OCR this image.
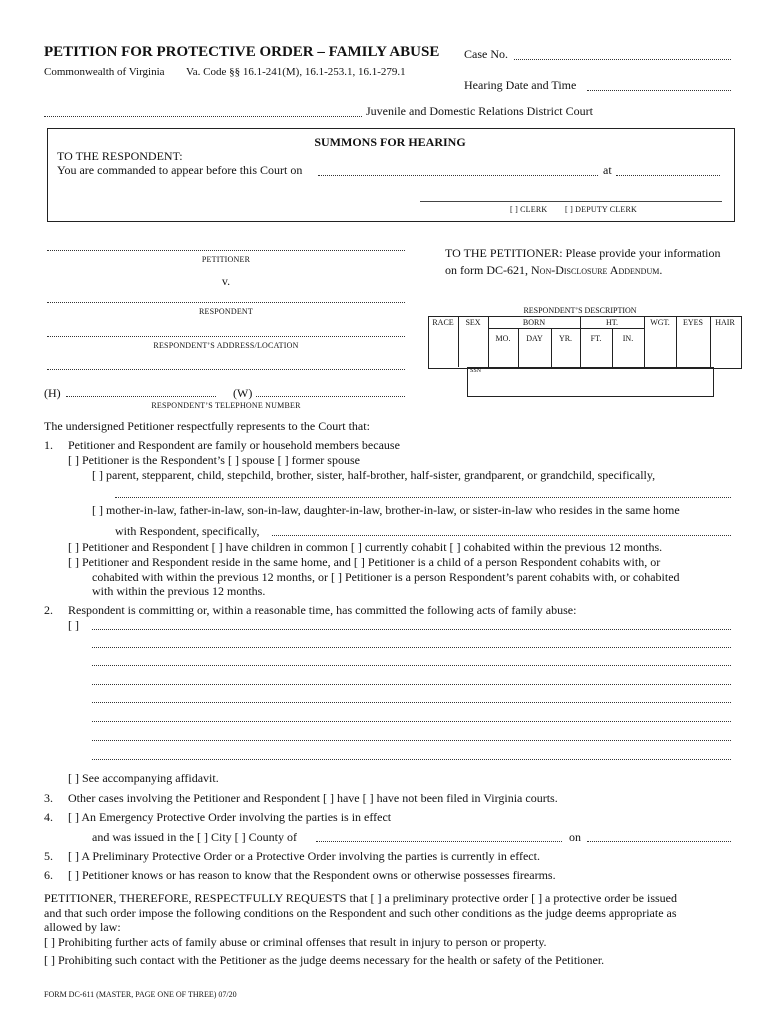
PETITION FOR PROTECTIVE ORDER – FAMILY ABUSE
Commonwealth of Virginia Va. Code §§ 16.1-241(M), 16.1-253.1, 16.1-279.1
Case No.
Hearing Date and Time
Juvenile and Domestic Relations District Court
SUMMONS FOR HEARING
TO THE RESPONDENT:
You are commanded to appear before this Court on	at
[ ] CLERK [ ] DEPUTY CLERK
PETITIONER
v.
RESPONDENT
RESPONDENT’S ADDRESS/LOCATION
(H)	(W)
RESPONDENT’S TELEPHONE NUMBER
TO THE PETITIONER: Please provide your information
on form DC-621, Non-Disclosure Addendum.
RESPONDENT’S DESCRIPTION
RACE	SEX	BORN	HT.	WGT.	EYES	HAIR
MO.	DAY	YR.	FT.	IN.
SSN
The undersigned Petitioner respectfully represents to the Court that:
1. Petitioner and Respondent are family or household members because
[ ] Petitioner is the Respondent’s [ ] spouse [ ] former spouse
[ ] parent, stepparent, child, stepchild, brother, sister, half-brother, half-sister, grandparent, or grandchild, specifically,
[ ] mother-in-law, father-in-law, son-in-law, daughter-in-law, brother-in-law, or sister-in-law who resides in the same home
with Respondent, specifically,
[ ] Petitioner and Respondent [ ] have children in common [ ] currently cohabit [ ] cohabited within the previous 12 months.
[ ] Petitioner and Respondent reside in the same home, and [ ] Petitioner is a child of a person Respondent cohabits with, or
cohabited with within the previous 12 months, or [ ] Petitioner is a person Respondent’s parent cohabits with, or cohabited
with within the previous 12 months.
2. Respondent is committing or, within a reasonable time, has committed the following acts of family abuse:
[ ]
[ ] See accompanying affidavit.
3. Other cases involving the Petitioner and Respondent [ ] have [ ] have not been filed in Virginia courts.
4. [ ] An Emergency Protective Order involving the parties is in effect
and was issued in the [ ] City [ ] County of	on
5. [ ] A Preliminary Protective Order or a Protective Order involving the parties is currently in effect.
6. [ ] Petitioner knows or has reason to know that the Respondent owns or otherwise possesses firearms.
PETITIONER, THEREFORE, RESPECTFULLY REQUESTS that [ ] a preliminary protective order [ ] a protective order be issued
and that such order impose the following conditions on the Respondent and such other conditions as the judge deems appropriate as
allowed by law:
[ ] Prohibiting further acts of family abuse or criminal offenses that result in injury to person or property.
[ ] Prohibiting such contact with the Petitioner as the judge deems necessary for the health or safety of the Petitioner.
FORM DC-611 (MASTER, PAGE ONE OF THREE) 07/20
